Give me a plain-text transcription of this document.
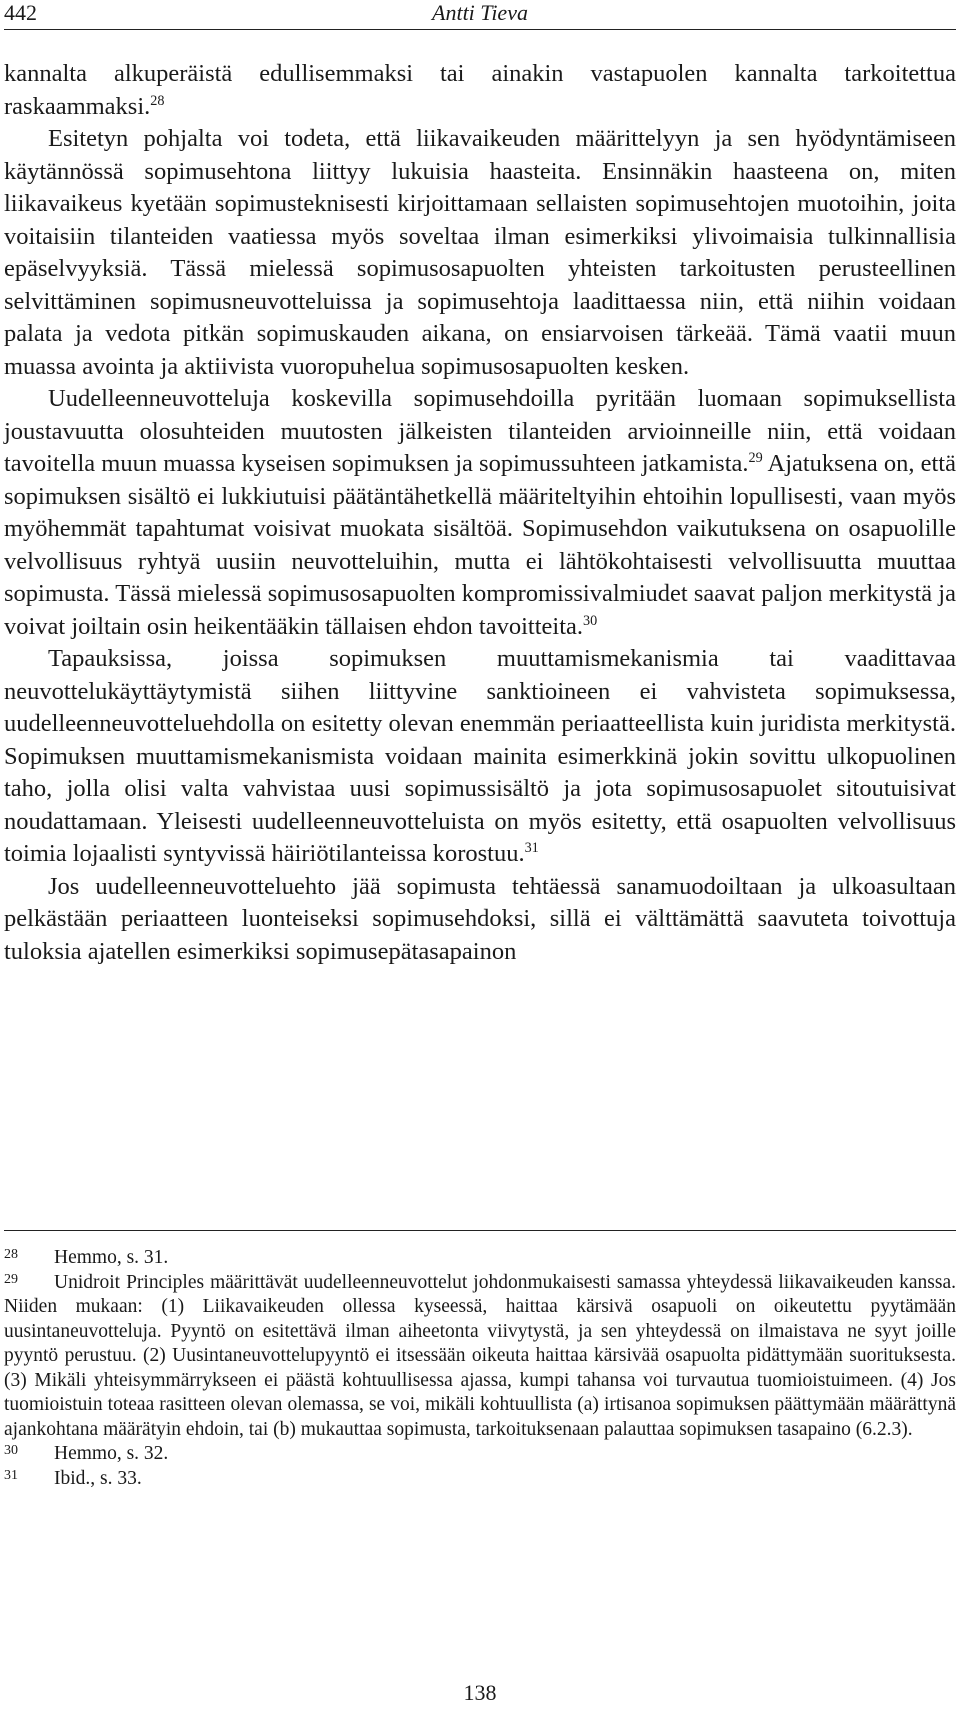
442	Antti Tieva

kannalta alkuperäistä edullisemmaksi tai ainakin vastapuolen kannalta tarkoitettua raskaammaksi.$^{28}$

Esitetyn pohjalta voi todeta, että liikavaikeuden määrittelyyn ja sen hyödyntämiseen käytännössä sopimusehtona liittyy lukuisia haasteita. Ensinnäkin haasteena on, miten liikavaikeus kyetään sopimusteknisesti kirjoittamaan sellaisten sopimusehtojen muotoihin, joita voitaisiin tilanteiden vaatiessa myös soveltaa ilman esimerkiksi ylivoimaisia tulkinnallisia epäselvyyksiä. Tässä mielessä sopimusosapuolten yhteisten tarkoitusten perusteellinen selvittäminen sopimusneuvotteluissa ja sopimusehtoja laadittaessa niin, että niihin voidaan palata ja vedota pitkän sopimuskauden aikana, on ensiarvoisen tärkeää. Tämä vaatii muun muassa avointa ja aktiivista vuoropuhelua sopimusosapuolten kesken.

Uudelleenneuvotteluja koskevilla sopimusehdoilla pyritään luomaan sopimuksellista joustavuutta olosuhteiden muutosten jälkeisten tilanteiden arvioinneille niin, että voidaan tavoitella muun muassa kyseisen sopimuksen ja sopimussuhteen jatkamista.$^{29}$ Ajatuksena on, että sopimuksen sisältö ei lukkiutuisi päätäntähetkellä määriteltyihin ehtoihin lopullisesti, vaan myös myöhemmät tapahtumat voisivat muokata sisältöä. Sopimusehdon vaikutuksena on osapuolille velvollisuus ryhtyä uusiin neuvotteluihin, mutta ei lähtökohtaisesti velvollisuutta muuttaa sopimusta. Tässä mielessä sopimusosapuolten kompromissivalmiudet saavat paljon merkitystä ja voivat joiltain osin heikentääkin tällaisen ehdon tavoitteita.$^{30}$

Tapauksissa, joissa sopimuksen muuttamismekanismia tai vaadittavaa neuvottelukäyttäytymistä siihen liittyvine sanktioineen ei vahvisteta sopimuksessa, uudelleenneuvotteluehdolla on esitetty olevan enemmän periaatteellista kuin juridista merkitystä. Sopimuksen muuttamismekanismista voidaan mainita esimerkkinä jokin sovittu ulkopuolinen taho, jolla olisi valta vahvistaa uusi sopimussisältö ja jota sopimusosapuolet sitoutuisivat noudattamaan. Yleisesti uudelleenneuvotteluista on myös esitetty, että osapuolten velvollisuus toimia lojaalisti syntyvissä häiriötilanteissa korostuu.$^{31}$

Jos uudelleenneuvotteluehto jää sopimusta tehtäessä sanamuodoiltaan ja ulkoasultaan pelkästään periaatteen luonteiseksi sopimusehdoksi, sillä ei välttämättä saavuteta toivottuja tuloksia ajatellen esimerkiksi sopimusepätasapainon

28 Hemmo, s. 31.

29 Unidroit Principles määrittävät uudelleenneuvottelut johdonmukaisesti samassa yhteydessä liikavaikeuden kanssa. Niiden mukaan: (1) Liikavaikeuden ollessa kyseessä, haittaa kärsivä osapuoli on oikeutettu pyytämään uusintaneuvotteluja. Pyyntö on esitettävä ilman aiheetonta viivytystä, ja sen yhteydessä on ilmaistava ne syyt joille pyyntö perustuu. (2) Uusintaneuvottelupyyntö ei itsessään oikeuta haittaa kärsivää osapuolta pidättymään suorituksesta. (3) Mikäli yhteisymmärrykseen ei päästä kohtuullisessa ajassa, kumpi tahansa voi turvautua tuomioistuimeen. (4) Jos tuomioistuin toteaa rasitteen olevan olemassa, se voi, mikäli kohtuullista (a) irtisanoa sopimuksen päättymään määrättynä ajankohtana määrätyin ehdoin, tai (b) mukauttaa sopimusta, tarkoituksenaan palauttaa sopimuksen tasapaino (6.2.3).

30 Hemmo, s. 32.

31 Ibid., s. 33.

138
